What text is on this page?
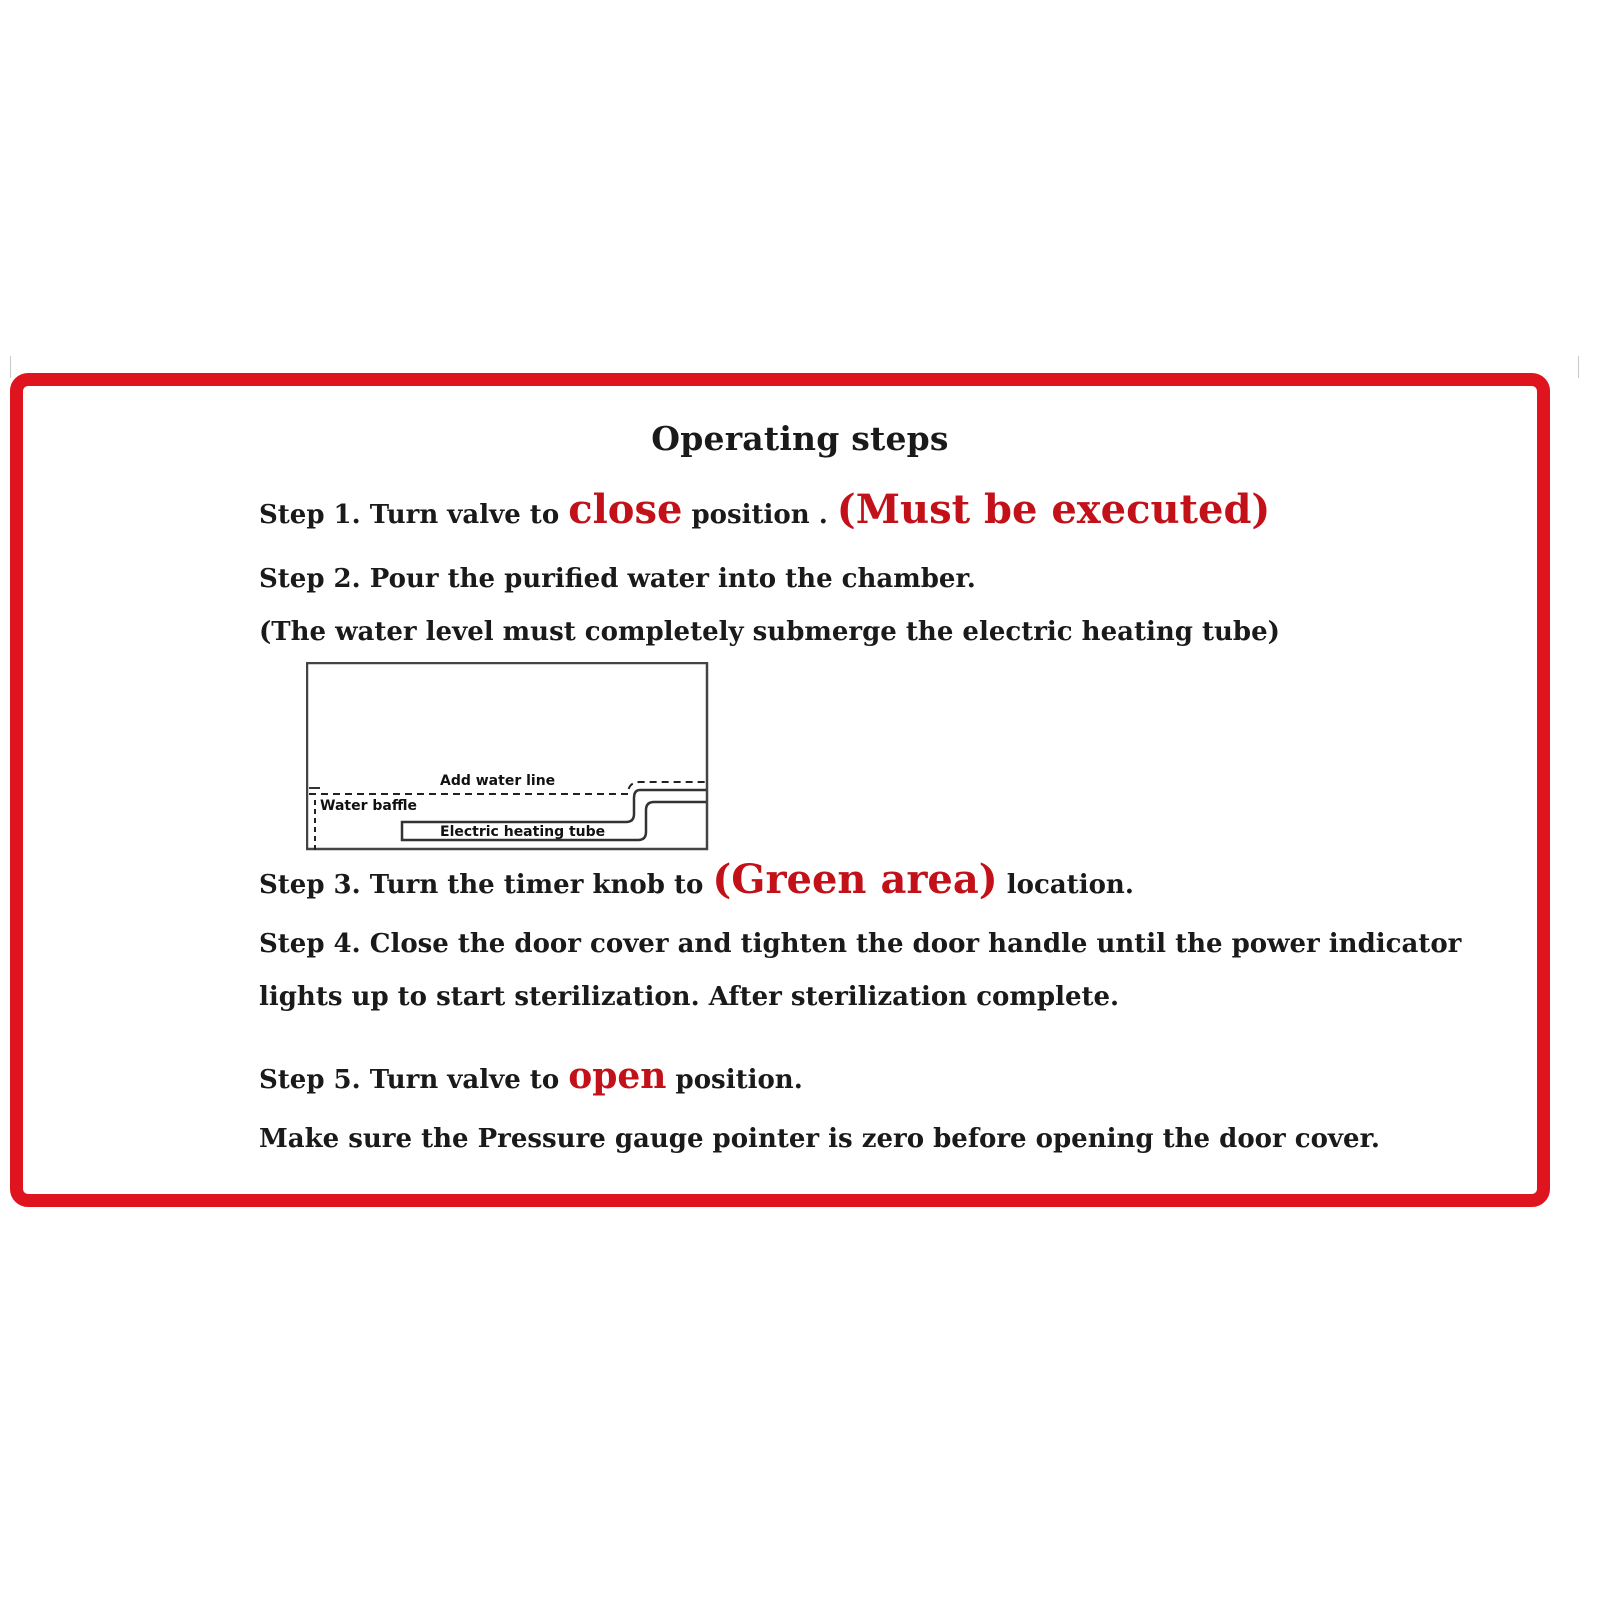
Operating steps
Step 1. Turn valve to close position . (Must be executed)
Step 2. Pour the purified water into the chamber.
(The water level must completely submerge the electric heating tube)
Add water line
Water baffle
Electric heating tube
Step 3. Turn the timer knob to (Green area) location.
Step 4. Close the door cover and tighten the door handle until the power indicator
lights up to start sterilization. After sterilization complete.
Step 5. Turn valve to open position.
Make sure the Pressure gauge pointer is zero before opening the door cover.
